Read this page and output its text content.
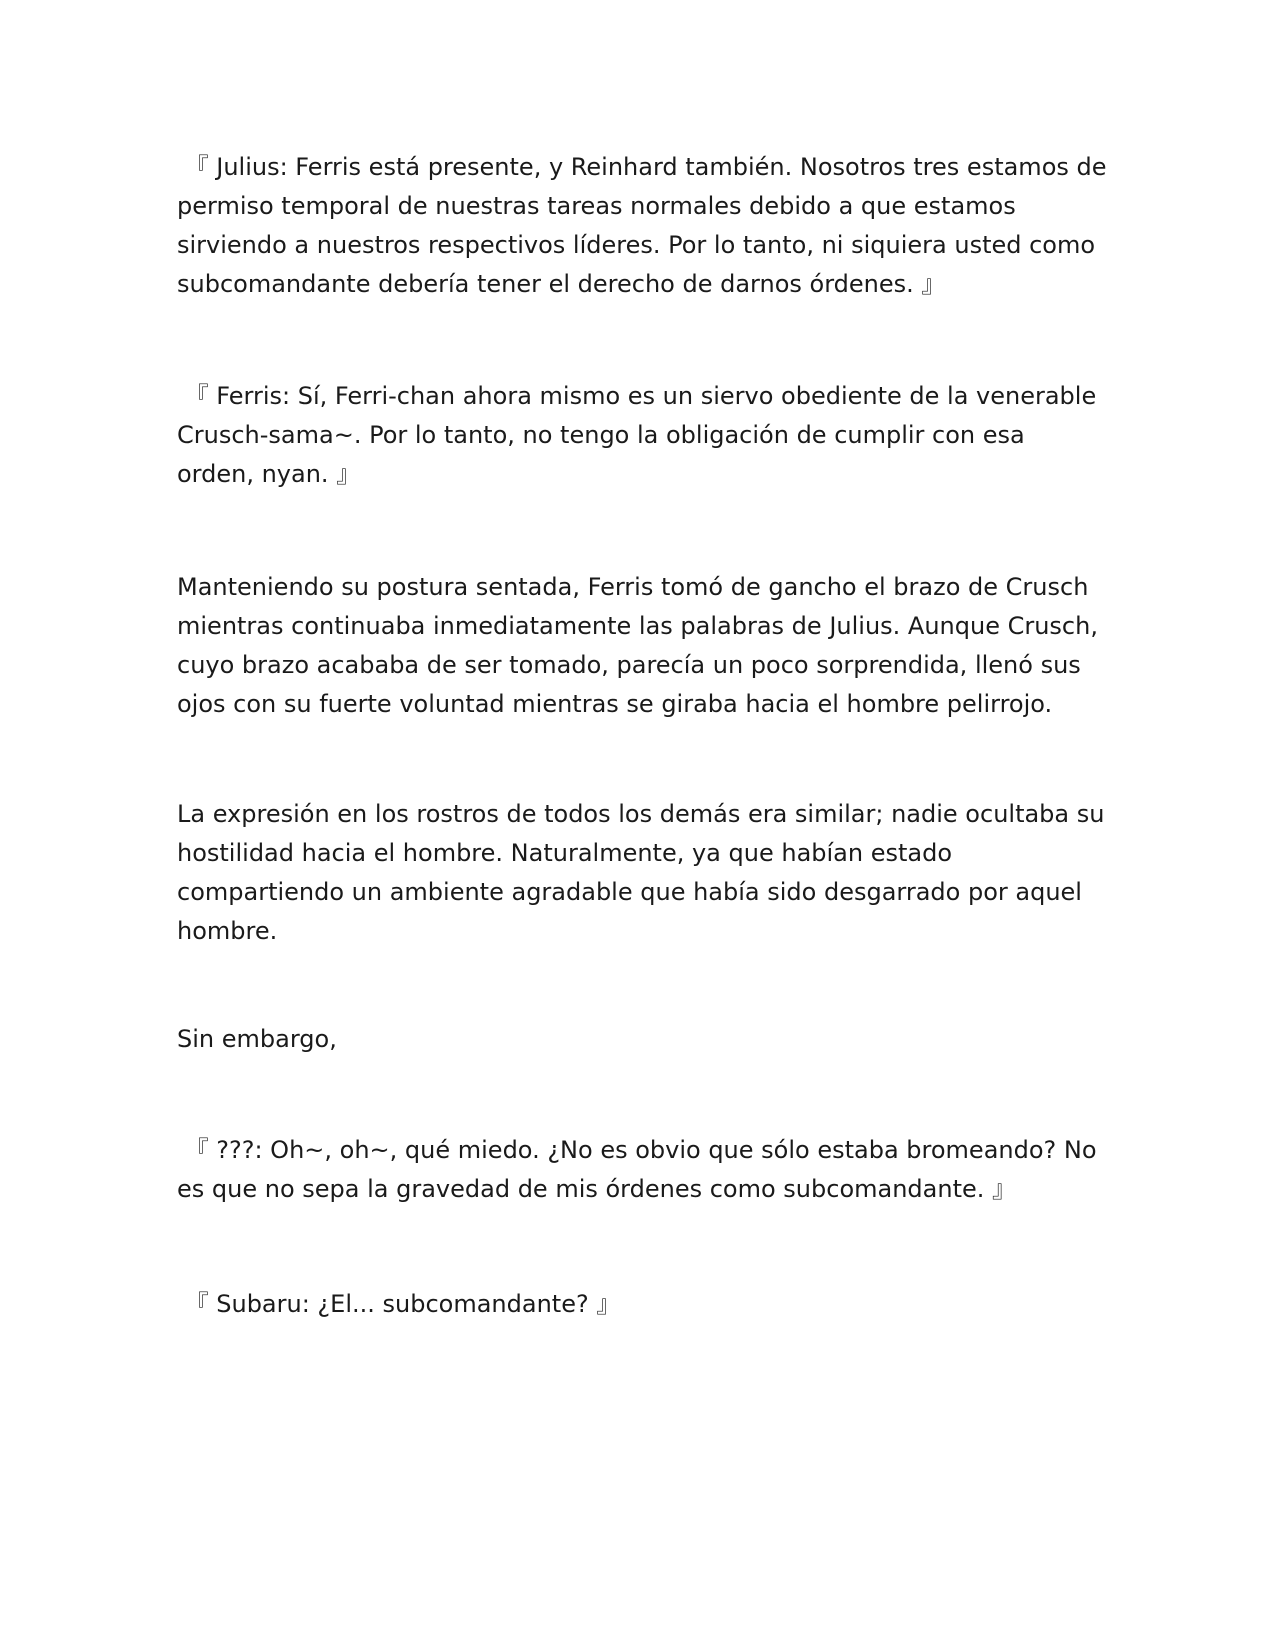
『 Julius: Ferris está presente, y Reinhard también. Nosotros tres estamos de permiso temporal de nuestras tareas normales debido a que estamos sirviendo a nuestros respectivos líderes. Por lo tanto, ni siquiera usted como subcomandante debería tener el derecho de darnos órdenes. 』

『 Ferris: Sí, Ferri-chan ahora mismo es un siervo obediente de la venerable Crusch-sama~. Por lo tanto, no tengo la obligación de cumplir con esa orden, nyan. 』

Manteniendo su postura sentada, Ferris tomó de gancho el brazo de Crusch mientras continuaba inmediatamente las palabras de Julius. Aunque Crusch, cuyo brazo acababa de ser tomado, parecía un poco sorprendida, llenó sus ojos con su fuerte voluntad mientras se giraba hacia el hombre pelirrojo.

La expresión en los rostros de todos los demás era similar; nadie ocultaba su hostilidad hacia el hombre. Naturalmente, ya que habían estado compartiendo un ambiente agradable que había sido desgarrado por aquel hombre.

Sin embargo,

『 ???: Oh~, oh~, qué miedo. ¿No es obvio que sólo estaba bromeando? No es que no sepa la gravedad de mis órdenes como subcomandante. 』

『 Subaru: ¿El... subcomandante? 』
